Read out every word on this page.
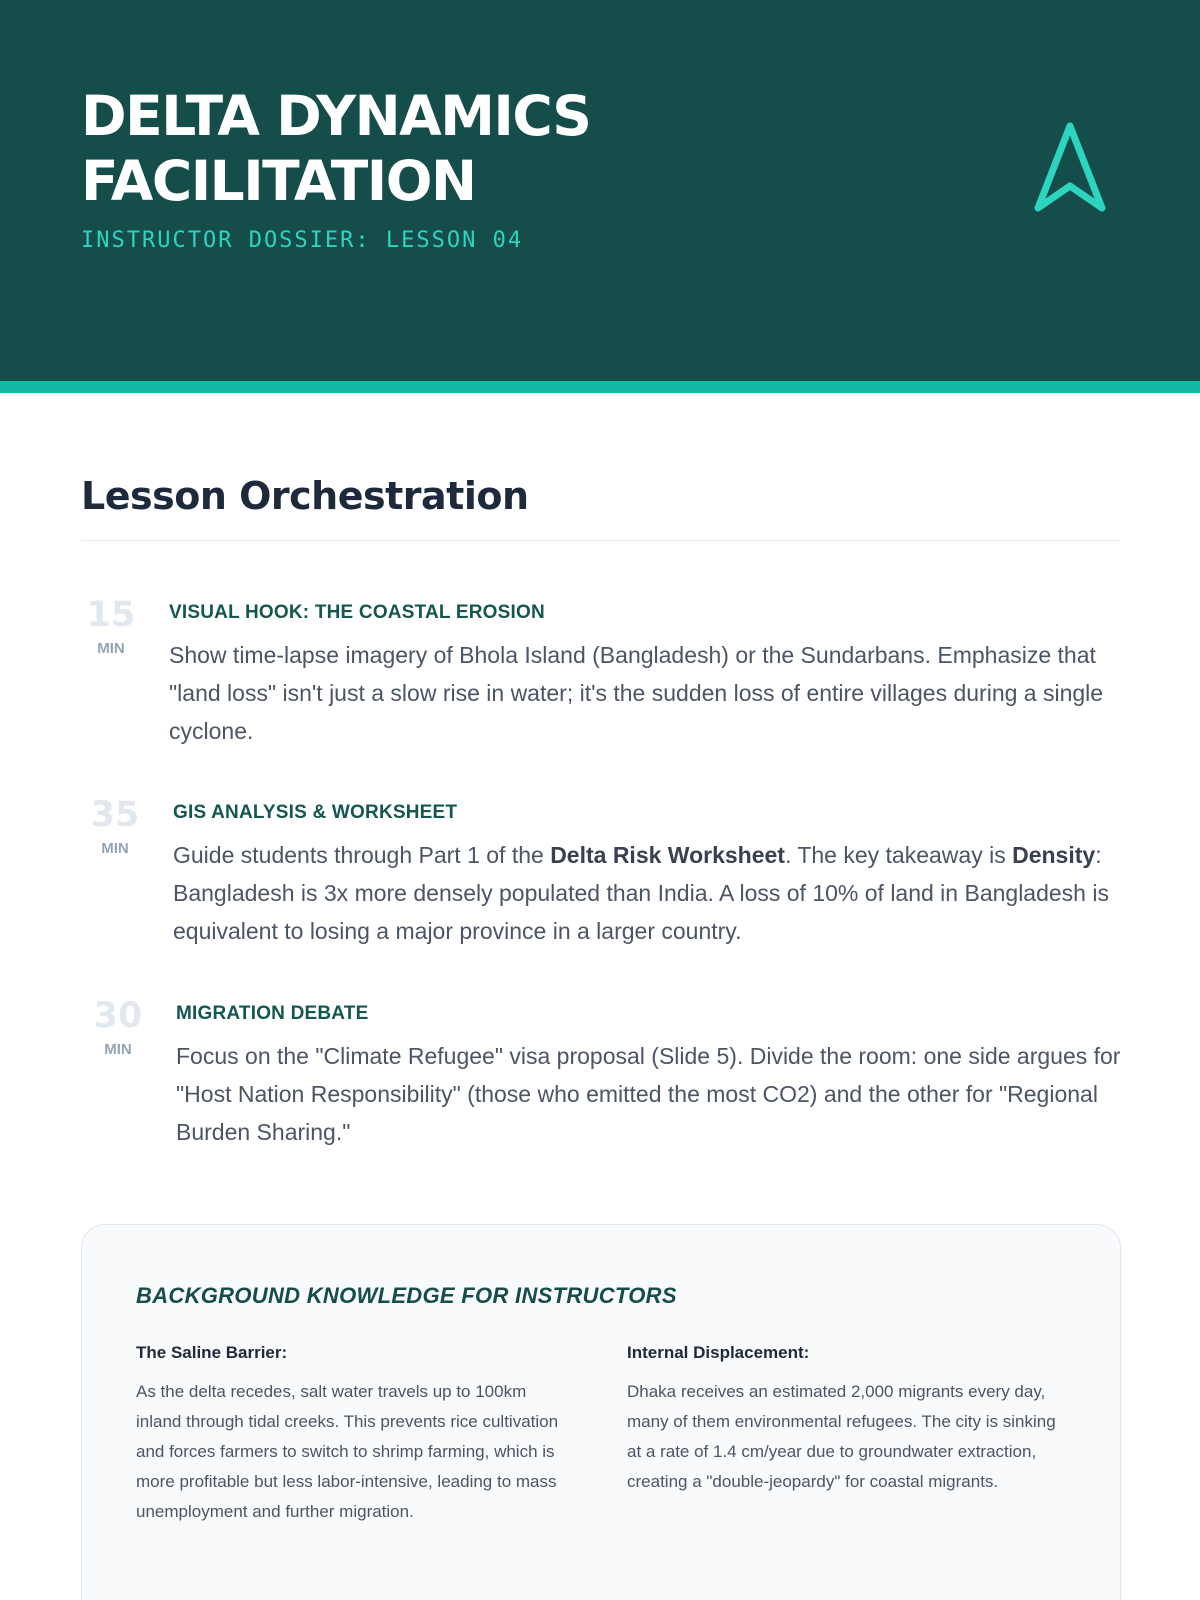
DELTA DYNAMICS
FACILITATION
INSTRUCTOR DOSSIER: LESSON 04
Lesson Orchestration
15
MIN
VISUAL HOOK: THE COASTAL EROSION

Show time-lapse imagery of Bhola Island (Bangladesh) or the Sundarbans. Emphasize that "land loss" isn't just a slow rise in water; it's the sudden loss of entire villages during a single cyclone.

35
MIN
GIS ANALYSIS & WORKSHEET

Guide students through Part 1 of the Delta Risk Worksheet. The key takeaway is Density: Bangladesh is 3x more densely populated than India. A loss of 10% of land in Bangladesh is equivalent to losing a major province in a larger country.

30
MIN
MIGRATION DEBATE

Focus on the "Climate Refugee" visa proposal (Slide 5). Divide the room: one side argues for "Host Nation Responsibility" (those who emitted the most CO2) and the other for "Regional Burden Sharing."

BACKGROUND KNOWLEDGE FOR INSTRUCTORS
The Saline Barrier:

As the delta recedes, salt water travels up to 100km inland through tidal creeks. This prevents rice cultivation and forces farmers to switch to shrimp farming, which is more profitable but less labor-intensive, leading to mass unemployment and further migration.

Internal Displacement:

Dhaka receives an estimated 2,000 migrants every day, many of them environmental refugees. The city is sinking at a rate of 1.4 cm/year due to groundwater extraction, creating a "double-jeopardy" for coastal migrants.
